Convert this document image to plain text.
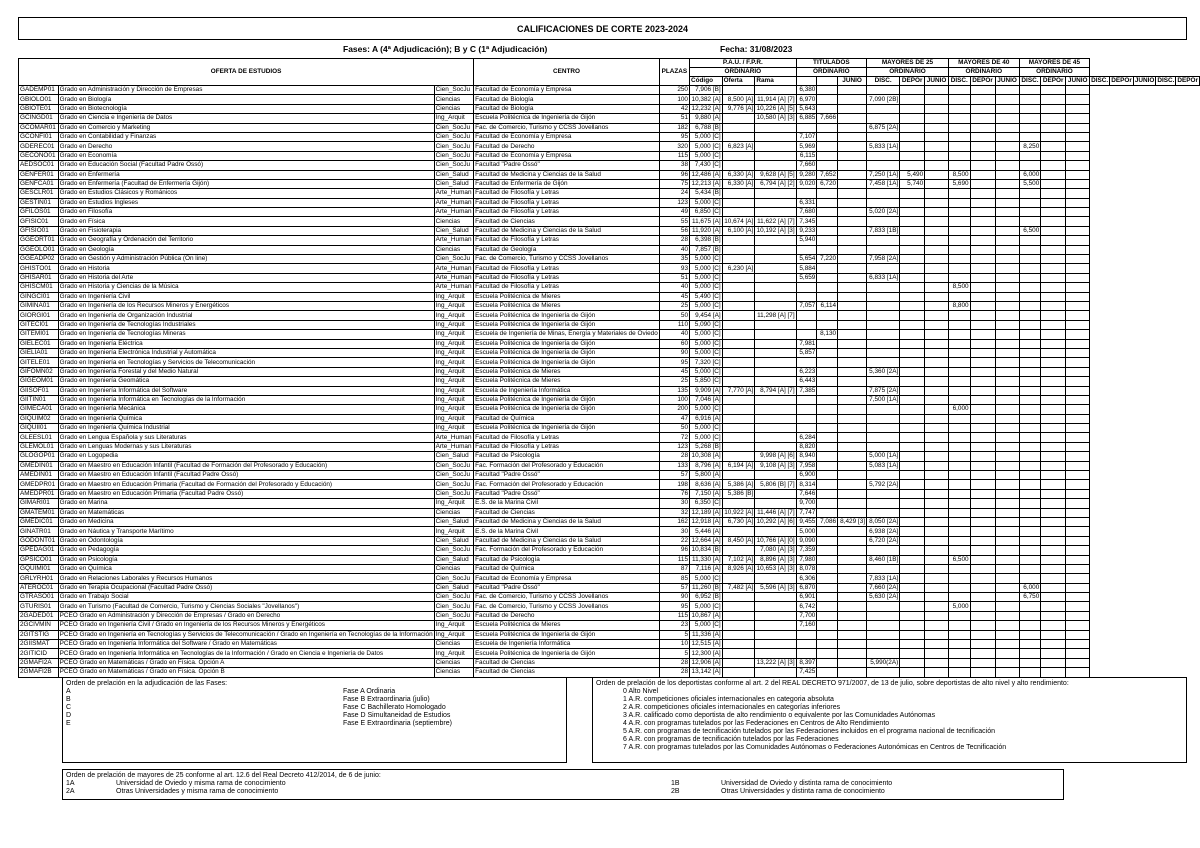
CALIFICACIONES DE CORTE 2023-2024
Fases: A (4ª Adjudicación); B y C (1ª Adjudicación)	Fecha: 31/08/2023
OFERTA DE ESTUDIOS			CENTRO	PLAZAS	P.A.U. / F.P.R.			TITULADOS			MAYORES DE 25			MAYORES DE 40			MAYORES DE 45							
					ORDINARIO			ORDINARIO			ORDINARIO			ORDINARIO			ORDINARIO							
					Código	Oferta	Rama			JUNIO	DISC.	DEPOr	JUNIO	DISC.	DEPOr	JUNIO	DISC.	DEPOr	JUNIO	DISC.	DEPOr	JUNIO	DISC.	DEPOr
GADEMP01	Grado en Administración y Dirección de Empresas	Cien_SocJu	Facultad de Economía y Empresa	250	7,906 [B]			6,380																
GBIOLO01	Grado en Biología	Ciencias	Facultad de Biología	100	10,382 [A]	8,500 [A]	11,914 [A] [7]	6,970			7,090 [2B]													
GBIOTE01	Grado en Biotecnología	Ciencias	Facultad de Biología	42	12,232 [A]	9,776 [A]	10,226 [A] [5]	5,643																
GCINGD01	Grado en Ciencia e Ingeniería de Datos	Ing_Arquit	Escuela Politécnica de Ingeniería de Gijón	51	9,880 [A]		10,580 [A] [3]	6,885	7,666															
GCOMAR01	Grado en Comercio y Marketing	Cien_SocJu	Fac. de Comercio, Turismo y CCSS Jovellanos	182	6,788 [B]						6,875 [2A]													
GCONFI01	Grado en Contabilidad y Finanzas	Cien_SocJu	Facultad de Economía y Empresa	95	5,000 [C]			7,107																
GDEREC01	Grado en Derecho	Cien_SocJu	Facultad de Derecho	320	5,000 [C]	6,823 [A]		5,969			5,833 [1A]						8,250							
GECONO01	Grado en Economía	Cien_SocJu	Facultad de Economía y Empresa	115	5,000 [C]			6,115																
AEDSOC01	Grado en Educación Social (Facultad Padre Ossó)	Cien_SocJu	Facultad "Padre Ossó"	38	7,430 [C]			7,660																
GENFER01	Grado en Enfermería	Cien_Salud	Facultad de Medicina y Ciencias de la Salud	96	12,486 [A]	6,330 [A]	9,628 [A] [5]	9,280	7,652		7,250 [1A]	5,490		8,500			6,000							
GENFCA01	Grado en Enfermería (Facultad de Enfermería Gijón)	Cien_Salud	Facultad de Enfermería de Gijón	75	12,213 [A]	6,330 [A]	6,794 [A] [2]	9,020	6,720		7,458 [1A]	5,740		5,690			5,500							
GESCLR01	Grado en Estudios Clásicos y Románicos	Arte_Human	Facultad de Filosofía y Letras	24	5,434 [B]																			
GESTIN01	Grado en Estudios Ingleses	Arte_Human	Facultad de Filosofía y Letras	123	5,000 [C]			6,331																
GFILOS01	Grado en Filosofía	Arte_Human	Facultad de Filosofía y Letras	49	6,850 [C]			7,680			5,020 [2A]													
GFISIC01	Grado en Física	Ciencias	Facultad de Ciencias	55	11,675 [A]	10,674 [A]	11,622 [A] [7]	7,345																
GFISIO01	Grado en Fisioterapia	Cien_Salud	Facultad de Medicina y Ciencias de la Salud	56	11,920 [A]	6,100 [A]	10,192 [A] [3]	9,233			7,833 [1B]						6,500							
GGEORT01	Grado en Geografía y Ordenación del Territorio	Arte_Human	Facultad de Filosofía y Letras	28	6,398 [B]			5,940																
GGEOLO01	Grado en Geología	Ciencias	Facultad de Geología	40	7,857 [B]																			
GGEADP02	Grado en Gestión y Administración Pública (On line)	Cien_SocJu	Fac. de Comercio, Turismo y CCSS Jovellanos	35	5,000 [C]			5,654	7,220		7,958 [2A]													
GHISTO01	Grado en Historia	Arte_Human	Facultad de Filosofía y Letras	93	5,000 [C]	6,230 [A]		5,884																
GHISAR01	Grado en Historia del Arte	Arte_Human	Facultad de Filosofía y Letras	51	5,000 [C]			5,659			6,833 [1A]													
GHISCM01	Grado en Historia y Ciencias de la Música	Arte_Human	Facultad de Filosofía y Letras	40	5,000 [C]									8,500										
GINGCI01	Grado en Ingeniería Civil	Ing_Arquit	Escuela Politécnica de Mieres	45	5,490 [C]																			
GIMINA01	Grado en Ingeniería de los Recursos Mineros y Energéticos	Ing_Arquit	Escuela Politécnica de Mieres	25	5,000 [C]			7,057	6,114					8,800										
GIORGI01	Grado en Ingeniería de Organización Industrial	Ing_Arquit	Escuela Politécnica de Ingeniería de Gijón	50	9,454 [A]		11,298 [A] [7]																	
GITECI01	Grado en Ingeniería de Tecnologías Industriales	Ing_Arquit	Escuela Politécnica de Ingeniería de Gijón	110	5,090 [C]																			
GITEMI01	Grado en Ingeniería de Tecnologías Mineras	Ing_Arquit	Escuela de Ingeniería de Minas, Energía y Materiales de Oviedo	40	5,000 [C]				8,130															
GIELEC01	Grado en Ingeniería Eléctrica	Ing_Arquit	Escuela Politécnica de Ingeniería de Gijón	60	5,000 [C]			7,981																
GIELIA01	Grado en Ingeniería Electrónica Industrial y Automática	Ing_Arquit	Escuela Politécnica de Ingeniería de Gijón	90	5,000 [C]			5,857																
GITELE01	Grado en Ingeniería en Tecnologías y Servicios de Telecomunicación	Ing_Arquit	Escuela Politécnica de Ingeniería de Gijón	95	7,320 [C]																			
GIFOMN02	Grado en Ingeniería Forestal y del Medio Natural	Ing_Arquit	Escuela Politécnica de Mieres	45	5,000 [C]			6,223			5,360 [2A]													
GIGEOM01	Grado en Ingeniería Geomática	Ing_Arquit	Escuela Politécnica de Mieres	25	5,850 [C]			6,443																
GIISOF01	Grado en Ingeniería Informática del Software	Ing_Arquit	Escuela de Ingeniería Informática	135	9,909 [A]	7,770 [A]	8,794 [A] [7]	7,385			7,875 [2A]													
GIITIN01	Grado en Ingeniería Informática en Tecnologías de la Información	Ing_Arquit	Escuela Politécnica de Ingeniería de Gijón	100	7,046 [A]						7,500 [1A]													
GIMECA01	Grado en Ingeniería Mecánica	Ing_Arquit	Escuela Politécnica de Ingeniería de Gijón	200	5,000 [C]									6,000										
GIQUIM02	Grado en Ingeniería Química	Ing_Arquit	Facultad de Química	47	6,916 [A]																			
GIQUII01	Grado en Ingeniería Química Industrial	Ing_Arquit	Escuela Politécnica de Ingeniería de Gijón	50	5,000 [C]																			
GLEESL01	Grado en Lengua Española y sus Literaturas	Arte_Human	Facultad de Filosofía y Letras	72	5,000 [C]			6,284																
GLEMOL01	Grado en Lenguas Modernas y sus Literaturas	Arte_Human	Facultad de Filosofía y Letras	123	5,268 [B]			8,820																
GLOGOP01	Grado en Logopedia	Cien_Salud	Facultad de Psicología	28	10,308 [A]		9,998 [A] [6]	8,940			5,000 [1A]													
GMEDIN01	Grado en Maestro en Educación Infantil (Facultad de Formación del Profesorado y Educación)	Cien_SocJu	Fac. Formación del Profesorado y Educación	133	8,796 [A]	6,194 [A]	9,108 [A] [3]	7,958			5,083 [1A]													
AMEDIN01	Grado en Maestro en Educación Infantil (Facultad Padre Ossó)	Cien_SocJu	Facultad "Padre Ossó"	57	5,800 [A]			6,900																
GMEDPR01	Grado en Maestro en Educación Primaria (Facultad de Formación del Profesorado y Educación)	Cien_SocJu	Fac. Formación del Profesorado y Educación	198	8,636 [A]	5,386 [A]	5,806 [B] [7]	8,314			5,792 [2A]													
AMEDPR01	Grado en Maestro en Educación Primaria (Facultad Padre Ossó)	Cien_SocJu	Facultad "Padre Ossó"	76	7,150 [A]	5,386 [B]		7,646																
GIMARI01	Grado en Marina	Ing_Arquit	E.S. de la Marina Civil	30	6,350 [C]			9,700																
GMATEM01	Grado en Matemáticas	Ciencias	Facultad de Ciencias	32	12,189 [A]	10,922 [A]	11,446 [A] [7]	7,747																
GMEDIC01	Grado en Medicina	Cien_Salud	Facultad de Medicina y Ciencias de la Salud	162	12,918 [A]	6,730 [A]	10,292 [A] [6]	9,455	7,086	8,429 [3]	8,050 [2A]													
GINATR01	Grado en Náutica y Transporte Marítimo	Ing_Arquit	E.S. de la Marina Civil	30	5,446 [A]			5,000			6,938 [2A]													
GODONT01	Grado en Odontología	Cien_Salud	Facultad de Medicina y Ciencias de la Salud	22	12,664 [A]	8,450 [A]	10,766 [A] [0]	9,090			6,720 [2A]													
GPEDAG01	Grado en Pedagogía	Cien_SocJu	Fac. Formación del Profesorado y Educación	96	10,834 [B]		7,080 [A] [3]	7,359																
GPSICO01	Grado en Psicología	Cien_Salud	Facultad de Psicología	115	11,330 [A]	7,102 [A]	8,896 [A] [3]	7,980			8,460 [1B]			6,500										
GQUIMI01	Grado en Química	Ciencias	Facultad de Química	87	7,116 [A]	8,926 [A]	10,653 [A] [3]	8,078																
GRLYRH01	Grado en Relaciones Laborales y Recursos Humanos	Cien_SocJu	Facultad de Economía y Empresa	85	5,000 [C]			6,306			7,833 [1A]													
ATEROC01	Grado en Terapia Ocupacional (Facultad Padre Ossó)	Cien_Salud	Facultad "Padre Ossó"	57	11,260 [B]	7,482 [A]	5,596 [A] [3]	6,870			7,660 [2A]						6,000							
GTRASO01	Grado en Trabajo Social	Cien_SocJu	Fac. de Comercio, Turismo y CCSS Jovellanos	90	6,952 [B]			6,901			5,630 [2A]						6,750							
GTURIS01	Grado en Turismo (Facultad de Comercio, Turismo y Ciencias Sociales "Jovellanos")	Cien_SocJu	Fac. de Comercio, Turismo y CCSS Jovellanos	95	5,000 [C]			6,742						5,000										
2GADED01	PCEO Grado en Administración y Dirección de Empresas / Grado en Derecho	Cien_SocJu	Facultad de Derecho	115	10,867 [A]			7,700																
2GCIVMIN	PCEO Grado en Ingeniería Civil / Grado en Ingeniería de los Recursos Mineros y Energéticos	Ing_Arquit	Escuela Politécnica de Mieres	23	5,000 [C]			7,160																
2GITSTIG	PCEO Grado en Ingeniería en Tecnologías y Servicios de Telecomunicación / Grado en Ingeniería en Tecnologías de la Información	Ing_Arquit	Escuela Politécnica de Ingeniería de Gijón	5	11,336 [A]																			
2GIISMAT	PCEO Grado en Ingeniería Informática del Software / Grado en Matemáticas	Ciencias	Escuela de Ingeniería Informática	10	12,515 [A]																			
2GITICID	PCEO Grado en Ingeniería Informática en Tecnologías de la Información / Grado en Ciencia e Ingeniería de Datos	Ing_Arquit	Escuela Politécnica de Ingeniería de Gijón	5	12,300 [A]																			
2GMAFI2A	PCEO Grado en Matemáticas / Grado en Física. Opción A	Ciencias	Facultad de Ciencias	28	12,906 [A]		13,222 [A] [3]	8,397			5,990(2A)													
2GMAFI2B	PCEO Grado en Matemáticas / Grado en Física. Opción B	Ciencias	Facultad de Ciencias	28	13,142 [A]			7,425																
Orden de prelación en la adjudicación de las Fases:
A	Fase A Ordinaria
B	Fase B Extraordinaria (julio)
C	Fase C Bachillerato Homologado
D	Fase D Simultaneidad de Estudios
E	Fase E Extraordinaria (septiembre)
Orden de prelación de los deportistas conforme al art. 2 del REAL DECRETO 971/2007, de 13 de julio, sobre deportistas de alto nivel y alto rendimiento:
0 Alto Nivel
1 A.R. competiciones oficiales internacionales en categoria absoluta
2 A.R. competiciones oficiales internacionales en categorías inferiores
3 A.R. calificado como deportista de alto rendimiento o equivalente por las Comunidades Autónomas
4 A.R. con programas tutelados por las Federaciones en Centros de Alto Rendimiento
5 A.R. con programas de tecnificación tutelados por las Federaciones incluidos en el programa nacional de tecnificación
6 A.R. con programas de tecnificación tutelados por las Federaciones
7 A.R. con programas tutelados por las Comunidades Autónomas o Federaciones Autonómicas en Centros de Tecnificación
Orden de prelación de mayores de 25 conforme al art. 12.6 del Real Decreto 412/2014, de 6 de junio:
1A	Universidad de Oviedo y misma rama de conocimiento
2A	Otras Universidades y misma rama de conocimiento
1B	Universidad de Oviedo y distinta rama de conocimiento
2B	Otras Universidades y distinta rama de conocimiento
